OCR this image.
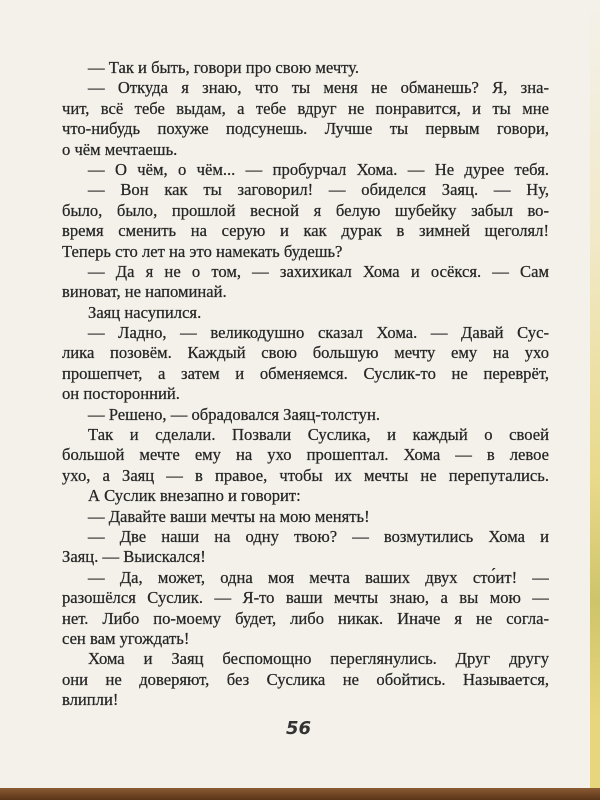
— Так и быть, говори про свою мечту.
— Откуда я знаю, что ты меня не обманешь? Я, зна-
чит, всё тебе выдам, а тебе вдруг не понравится, и ты мне
что-нибудь похуже подсунешь. Лучше ты первым говори,
о чём мечтаешь.
— О чём, о чём... — пробурчал Хома. — Не дурее тебя.
— Вон как ты заговорил! — обиделся Заяц. — Ну,
было, было, прошлой весной я белую шубейку забыл во-
время сменить на серую и как дурак в зимней щеголял!
Теперь сто лет на это намекать будешь?
— Да я не о том, — захихикал Хома и осёкся. — Сам
виноват, не напоминай.
Заяц насупился.
— Ладно, — великодушно сказал Хома. — Давай Сус-
лика позовём. Каждый свою большую мечту ему на ухо
прошепчет, а затем и обменяемся. Суслик-то не переврёт,
он посторонний.
— Решено, — обрадовался Заяц-толстун.
Так и сделали. Позвали Суслика, и каждый о своей
большой мечте ему на ухо прошептал. Хома — в левое
ухо, а Заяц — в правое, чтобы их мечты не перепутались.
А Суслик внезапно и говорит:
— Давайте ваши мечты на мою менять!
— Две наши на одну твою? — возмутились Хома и
Заяц. — Выискался!
— Да, может, одна моя мечта ваших двух сто́ит! —
разошёлся Суслик. — Я-то ваши мечты знаю, а вы мою —
нет. Либо по-моему будет, либо никак. Иначе я не согла-
сен вам угождать!
Хома и Заяц беспомощно переглянулись. Друг другу
они не доверяют, без Суслика не обойтись. Называется,
влипли!
56
